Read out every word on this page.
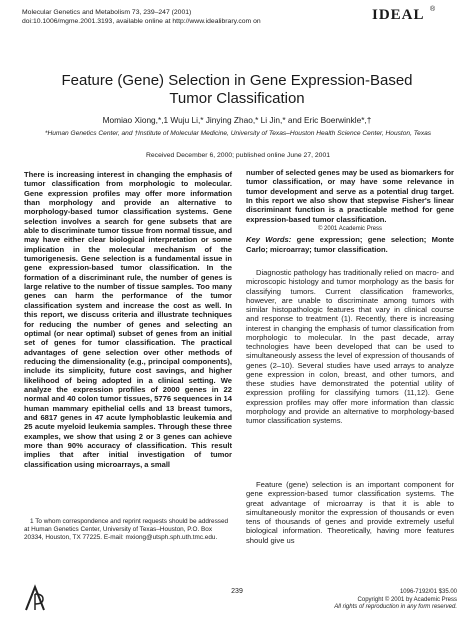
Molecular Genetics and Metabolism 73, 239–247 (2001)
doi:10.1006/mgme.2001.3193, available online at http://www.idealibrary.com on	IDEAL ®
Feature (Gene) Selection in Gene Expression-Based
Tumor Classification
Momiao Xiong,*,1 Wuju Li,* Jinying Zhao,* Li Jin,* and Eric Boerwinkle*,†
*Human Genetics Center, and †Institute of Molecular Medicine, University of Texas–Houston Health Science Center, Houston, Texas
Received December 6, 2000; published online June 27, 2001
There is increasing interest in changing the emphasis of tumor classification from morphologic to molecular. Gene expression profiles may offer more information than morphology and provide an alternative to morphology-based tumor classification systems. Gene selection involves a search for gene subsets that are able to discriminate tumor tissue from normal tissue, and may have either clear biological interpretation or some implication in the molecular mechanism of the tumorigenesis. Gene selection is a fundamental issue in gene expression-based tumor classification. In the formation of a discriminant rule, the number of genes is large relative to the number of tissue samples. Too many genes can harm the performance of the tumor classification system and increase the cost as well. In this report, we discuss criteria and illustrate techniques for reducing the number of genes and selecting an optimal (or near optimal) subset of genes from an initial set of genes for tumor classification. The practical advantages of gene selection over other methods of reducing the dimensionality (e.g., principal components), include its simplicity, future cost savings, and higher likelihood of being adopted in a clinical setting. We analyze the expression profiles of 2000 genes in 22 normal and 40 colon tumor tissues, 5776 sequences in 14 human mammary epithelial cells and 13 breast tumors, and 6817 genes in 47 acute lymphoblastic leukemia and 25 acute myeloid leukemia samples. Through these three examples, we show that using 2 or 3 genes can achieve more than 90% accuracy of classification. This result implies that after initial investigation of tumor classification using microarrays, a small
number of selected genes may be used as biomarkers for tumor classification, or may have some relevance in tumor development and serve as a potential drug target. In this report we also show that stepwise Fisher's linear discriminant function is a practicable method for gene expression-based tumor classification.
© 2001 Academic Press
Key Words: gene expression; gene selection; Monte Carlo; microarray; tumor classification.
Diagnostic pathology has traditionally relied on macro- and microscopic histology and tumor morphology as the basis for classifying tumors. Current classification frameworks, however, are unable to discriminate among tumors with similar histopathologic features that vary in clinical course and response to treatment (1). Recently, there is increasing interest in changing the emphasis of tumor classification from morphologic to molecular. In the past decade, array technologies have been developed that can be used to simultaneously assess the level of expression of thousands of genes (2–10). Several studies have used arrays to analyze gene expression in colon, breast, and other tumors, and these studies have demonstrated the potential utility of expression profiling for classifying tumors (11,12). Gene expression profiles may offer more information than classic morphology and provide an alternative to morphology-based tumor classification systems.
Feature (gene) selection is an important component for gene expression-based tumor classification systems. The great advantage of microarray is that it is able to simultaneously monitor the expression of thousands or even tens of thousands of genes and provide extremely useful biological information. Theoretically, having more features should give us
1 To whom correspondence and reprint requests should be addressed at Human Genetics Center, University of Texas–Houston, P.O. Box 20334, Houston, TX 77225. E-mail: mxiong@utsph.sph.uth.tmc.edu.
239	1096-7192/01 $35.00
Copyright © 2001 by Academic Press
All rights of reproduction in any form reserved.
